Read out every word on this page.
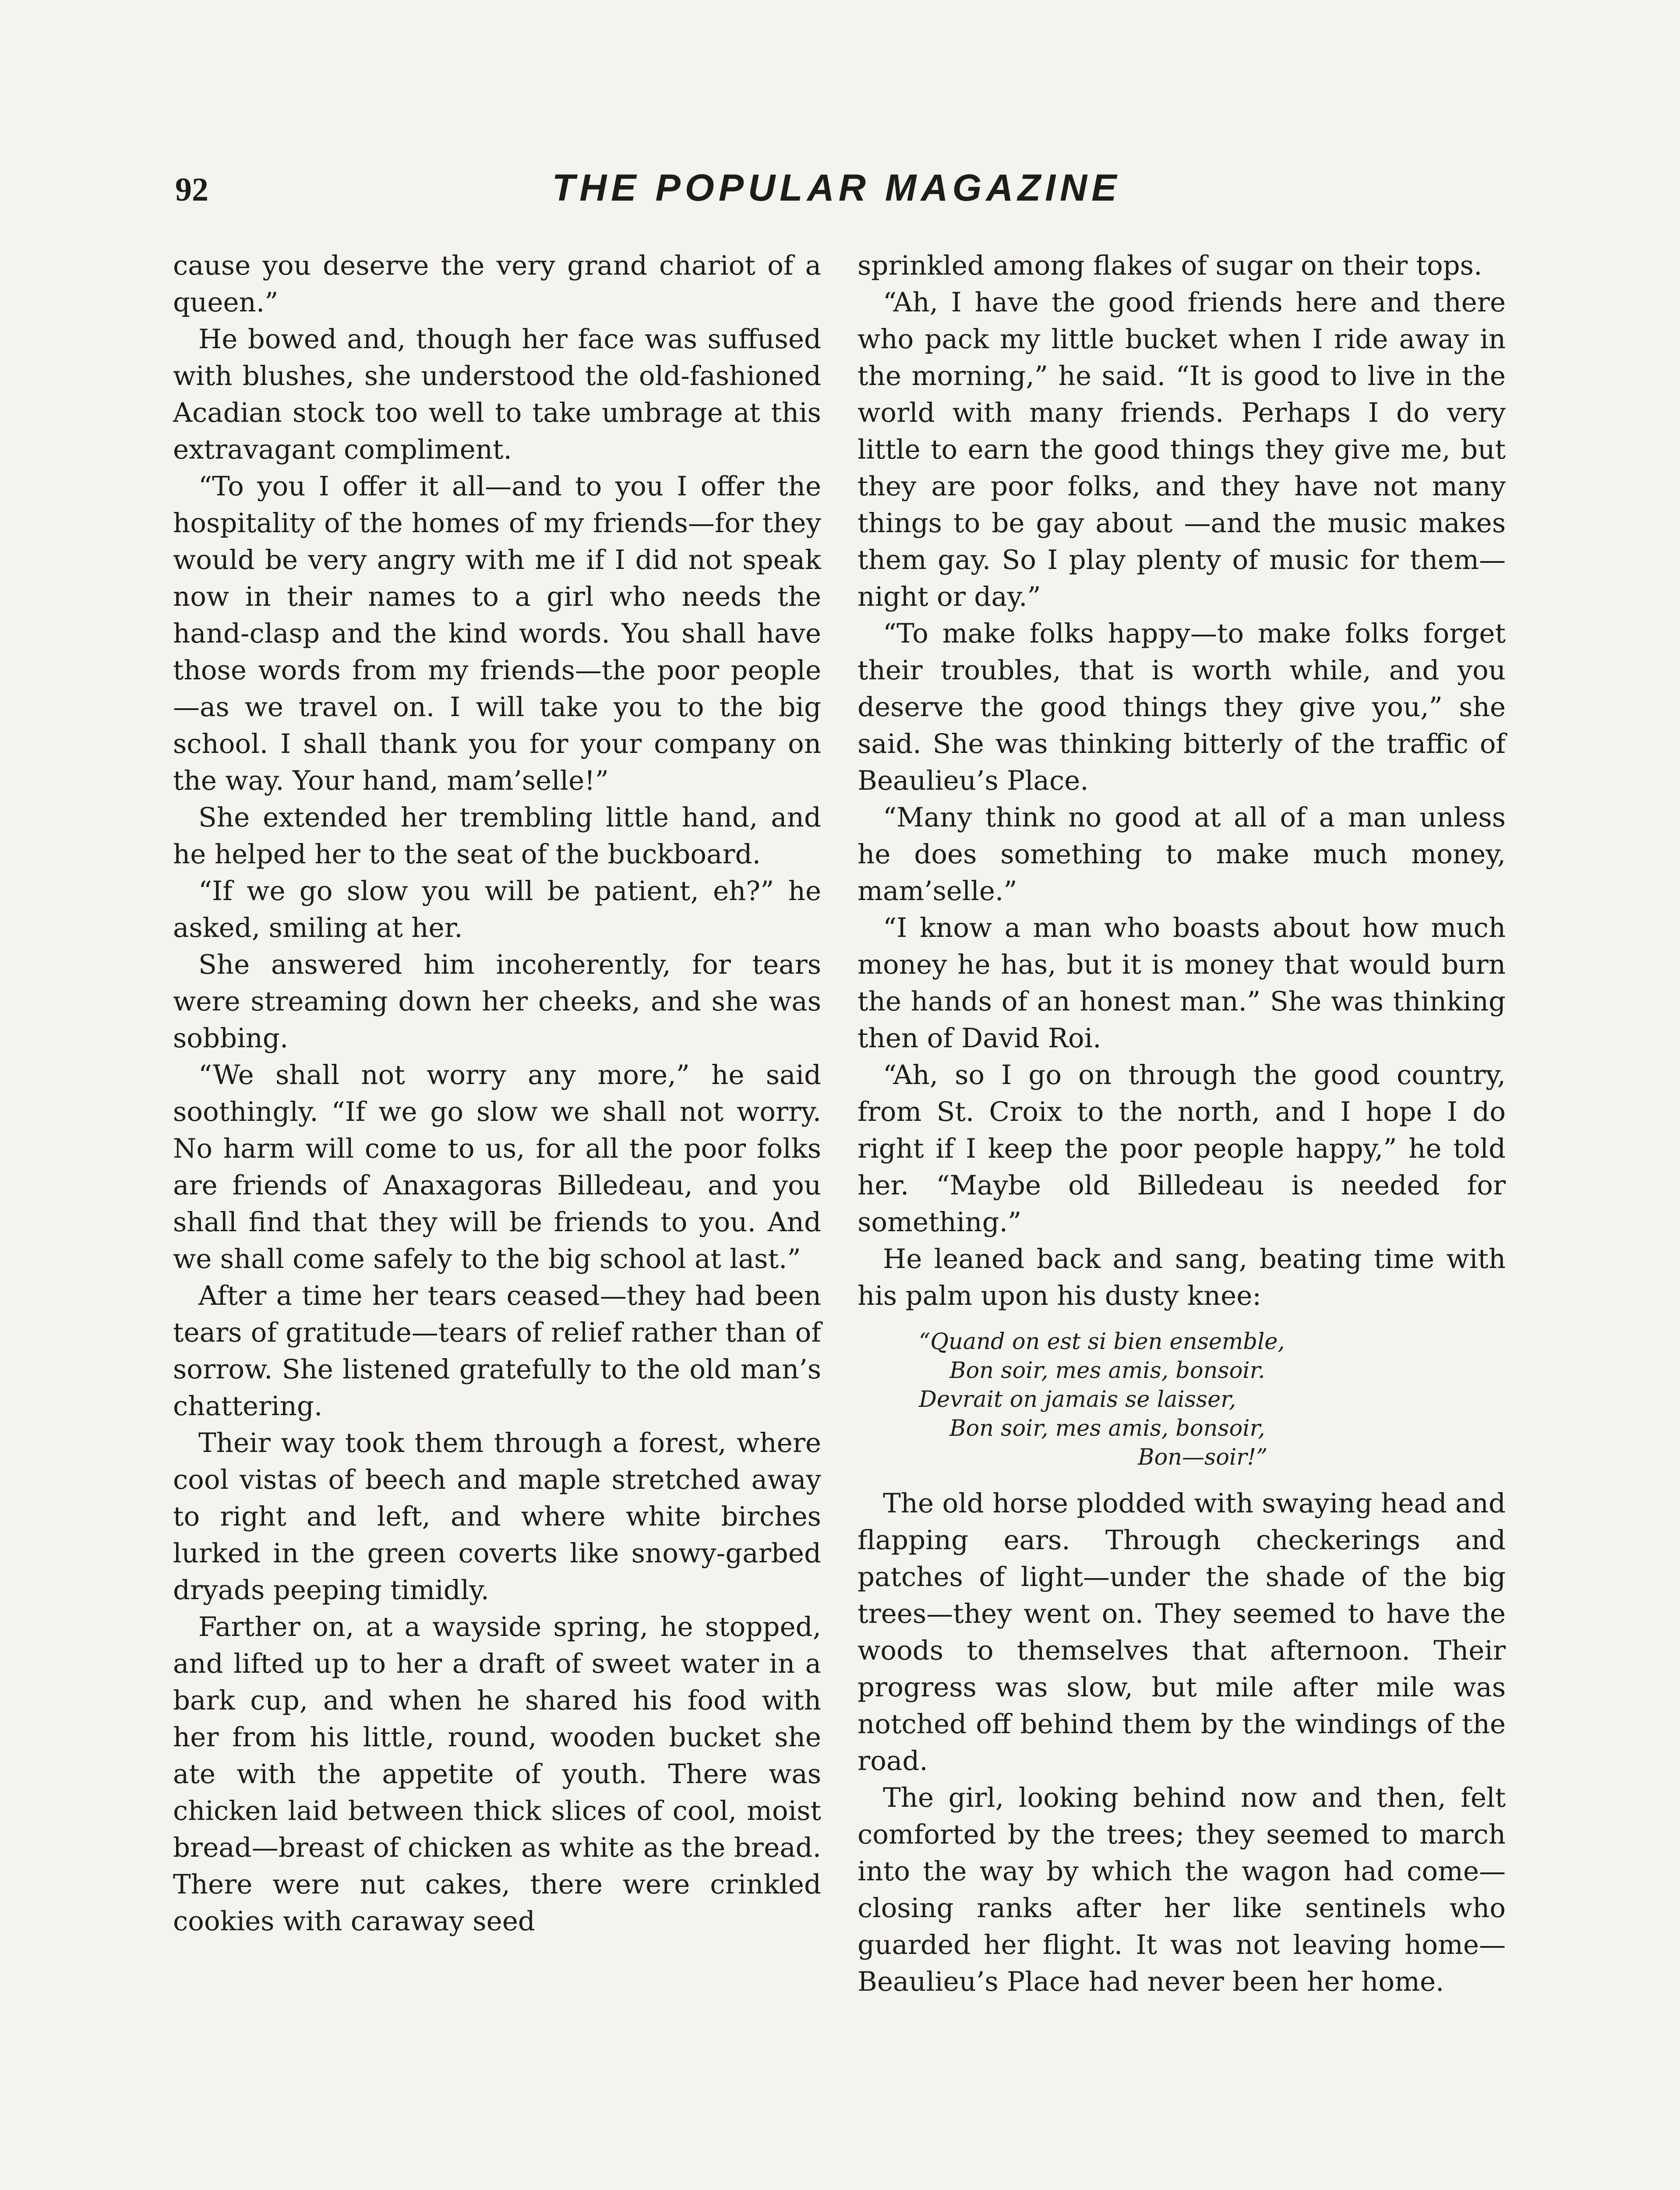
92	THE POPULAR MAGAZINE

cause you deserve the very grand chariot of a queen.”

He bowed and, though her face was suffused with blushes, she understood the old-fashioned Acadian stock too well to take umbrage at this extravagant compliment.

“To you I offer it all—and to you I offer the hospitality of the homes of my friends—for they would be very angry with me if I did not speak now in their names to a girl who needs the hand-clasp and the kind words. You shall have those words from my friends—the poor people—as we travel on. I will take you to the big school. I shall thank you for your company on the way. Your hand, mam’selle!”

She extended her trembling little hand, and he helped her to the seat of the buckboard.

“If we go slow you will be patient, eh?” he asked, smiling at her.

She answered him incoherently, for tears were streaming down her cheeks, and she was sobbing.

“We shall not worry any more,” he said soothingly. “If we go slow we shall not worry. No harm will come to us, for all the poor folks are friends of Anaxagoras Billedeau, and you shall find that they will be friends to you. And we shall come safely to the big school at last.”

After a time her tears ceased—they had been tears of gratitude—tears of relief rather than of sorrow. She listened gratefully to the old man’s chattering.

Their way took them through a forest, where cool vistas of beech and maple stretched away to right and left, and where white birches lurked in the green coverts like snowy-garbed dryads peeping timidly.

Farther on, at a wayside spring, he stopped, and lifted up to her a draft of sweet water in a bark cup, and when he shared his food with her from his little, round, wooden bucket she ate with the appetite of youth. There was chicken laid between thick slices of cool, moist bread—breast of chicken as white as the bread. There were nut cakes, there were crinkled cookies with caraway seed

sprinkled among flakes of sugar on their tops.

“Ah, I have the good friends here and there who pack my little bucket when I ride away in the morning,” he said. “It is good to live in the world with many friends. Perhaps I do very little to earn the good things they give me, but they are poor folks, and they have not many things to be gay about —and the music makes them gay. So I play plenty of music for them—night or day.”

“To make folks happy—to make folks forget their troubles, that is worth while, and you deserve the good things they give you,” she said. She was thinking bitterly of the traffic of Beaulieu’s Place.

“Many think no good at all of a man unless he does something to make much money, mam’selle.”

“I know a man who boasts about how much money he has, but it is money that would burn the hands of an honest man.” She was thinking then of David Roi.

“Ah, so I go on through the good country, from St. Croix to the north, and I hope I do right if I keep the poor people happy,” he told her. “Maybe old Billedeau is needed for something.”

He leaned back and sang, beating time with his palm upon his dusty knee:

“Quand on est si bien ensemble,
Bon soir, mes amis, bonsoir.
Devrait on jamais se laisser,
Bon soir, mes amis, bonsoir,
Bon—soir!”

The old horse plodded with swaying head and flapping ears. Through checkerings and patches of light—under the shade of the big trees—they went on. They seemed to have the woods to themselves that afternoon. Their progress was slow, but mile after mile was notched off behind them by the windings of the road.

The girl, looking behind now and then, felt comforted by the trees; they seemed to march into the way by which the wagon had come—closing ranks after her like sentinels who guarded her flight. It was not leaving home—Beaulieu’s Place had never been her home.
